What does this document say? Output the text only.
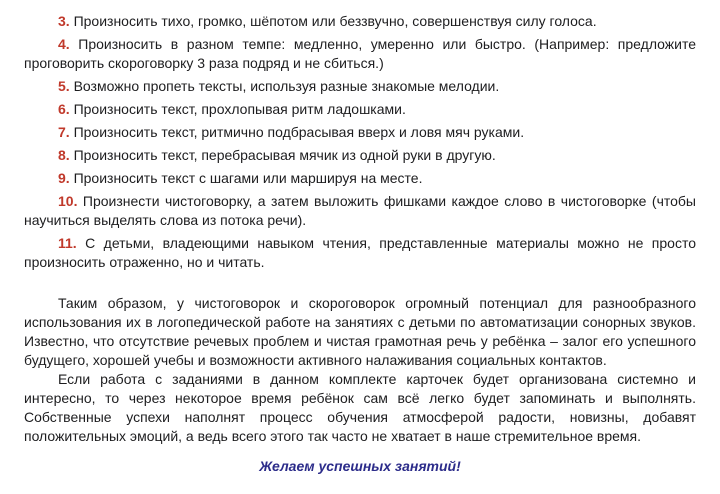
3. Произносить тихо, громко, шёпотом или беззвучно, совершенствуя силу голоса.

4. Произносить в разном темпе: медленно, умеренно или быстро. (Например: предложите проговорить скороговорку 3 раза подряд и не сбиться.)

5. Возможно пропеть тексты, используя разные знакомые мелодии.

6. Произносить текст, прохлопывая ритм ладошками.

7. Произносить текст, ритмично подбрасывая вверх и ловя мяч руками.

8. Произносить текст, перебрасывая мячик из одной руки в другую.

9. Произносить текст с шагами или маршируя на месте.

10. Произнести чистоговорку, а затем выложить фишками каждое слово в чистоговорке (чтобы научиться выделять слова из потока речи).

11. С детьми, владеющими навыком чтения, представленные материалы можно не просто произносить отраженно, но и читать.

Таким образом, у чистоговорок и скороговорок огромный потенциал для разнообразного использования их в логопедической работе на занятиях с детьми по автоматизации сонорных звуков. Известно, что отсутствие речевых проблем и чистая грамотная речь у ребёнка – залог его успешного будущего, хорошей учебы и возможности активного налаживания социальных контактов.

Если работа с заданиями в данном комплекте карточек будет организована системно и интересно, то через некоторое время ребёнок сам всё легко будет запоминать и выполнять. Собственные успехи наполнят процесс обучения атмосферой радости, новизны, добавят положительных эмоций, а ведь всего этого так часто не хватает в наше стремительное время.

Желаем успешных занятий!
